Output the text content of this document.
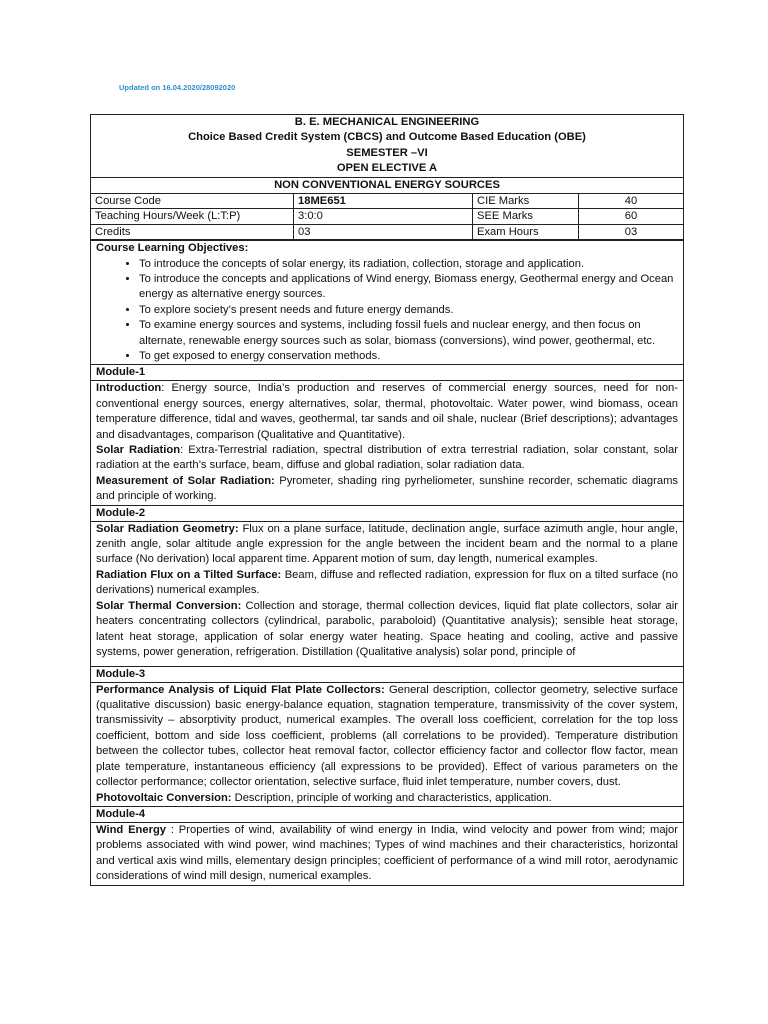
Updated on 16.04.2020/28092020
B. E. MECHANICAL ENGINEERING
Choice Based Credit System (CBCS) and Outcome Based Education (OBE)
SEMESTER –VI
OPEN ELECTIVE A
NON CONVENTIONAL ENERGY SOURCES
Course Code	18ME651	CIE Marks	40
Teaching Hours/Week (L:T:P)	3:0:0	SEE Marks	60
Credits	03	Exam Hours	03
Course Learning Objectives:
• To introduce the concepts of solar energy, its radiation, collection, storage and application.
• To introduce the concepts and applications of Wind energy, Biomass energy, Geothermal energy and Ocean energy as alternative energy sources.
• To explore society’s present needs and future energy demands.
• To examine energy sources and systems, including fossil fuels and nuclear energy, and then focus on alternate, renewable energy sources such as solar, biomass (conversions), wind power, geothermal, etc.
• To get exposed to energy conservation methods.
Module-1
Introduction: Energy source, India’s production and reserves of commercial energy sources, need for non-conventional energy sources, energy alternatives, solar, thermal, photovoltaic. Water power, wind biomass, ocean temperature difference, tidal and waves, geothermal, tar sands and oil shale, nuclear (Brief descriptions); advantages and disadvantages, comparison (Qualitative and Quantitative).
Solar Radiation: Extra-Terrestrial radiation, spectral distribution of extra terrestrial radiation, solar constant, solar radiation at the earth’s surface, beam, diffuse and global radiation, solar radiation data.
Measurement of Solar Radiation: Pyrometer, shading ring pyrheliometer, sunshine recorder, schematic diagrams and principle of working.
Module-2
Solar Radiation Geometry: Flux on a plane surface, latitude, declination angle, surface azimuth angle, hour angle, zenith angle, solar altitude angle expression for the angle between the incident beam and the normal to a plane surface (No derivation) local apparent time. Apparent motion of sum, day length, numerical examples.
Radiation Flux on a Tilted Surface: Beam, diffuse and reflected radiation, expression for flux on a tilted surface (no derivations) numerical examples.
Solar Thermal Conversion: Collection and storage, thermal collection devices, liquid flat plate collectors, solar air heaters concentrating collectors (cylindrical, parabolic, paraboloid) (Quantitative analysis); sensible heat storage, latent heat storage, application of solar energy water heating. Space heating and cooling, active and passive systems, power generation, refrigeration. Distillation (Qualitative analysis) solar pond, principle of
Module-3
Performance Analysis of Liquid Flat Plate Collectors: General description, collector geometry, selective surface (qualitative discussion) basic energy-balance equation, stagnation temperature, transmissivity of the cover system, transmissivity – absorptivity product, numerical examples. The overall loss coefficient, correlation for the top loss coefficient, bottom and side loss coefficient, problems (all correlations to be provided). Temperature distribution between the collector tubes, collector heat removal factor, collector efficiency factor and collector flow factor, mean plate temperature, instantaneous efficiency (all expressions to be provided). Effect of various parameters on the collector performance; collector orientation, selective surface, fluid inlet temperature, number covers, dust.
Photovoltaic Conversion: Description, principle of working and characteristics, application.
Module-4
Wind Energy : Properties of wind, availability of wind energy in India, wind velocity and power from wind; major problems associated with wind power, wind machines; Types of wind machines and their characteristics, horizontal and vertical axis wind mills, elementary design principles; coefficient of performance of a wind mill rotor, aerodynamic considerations of wind mill design, numerical examples.
